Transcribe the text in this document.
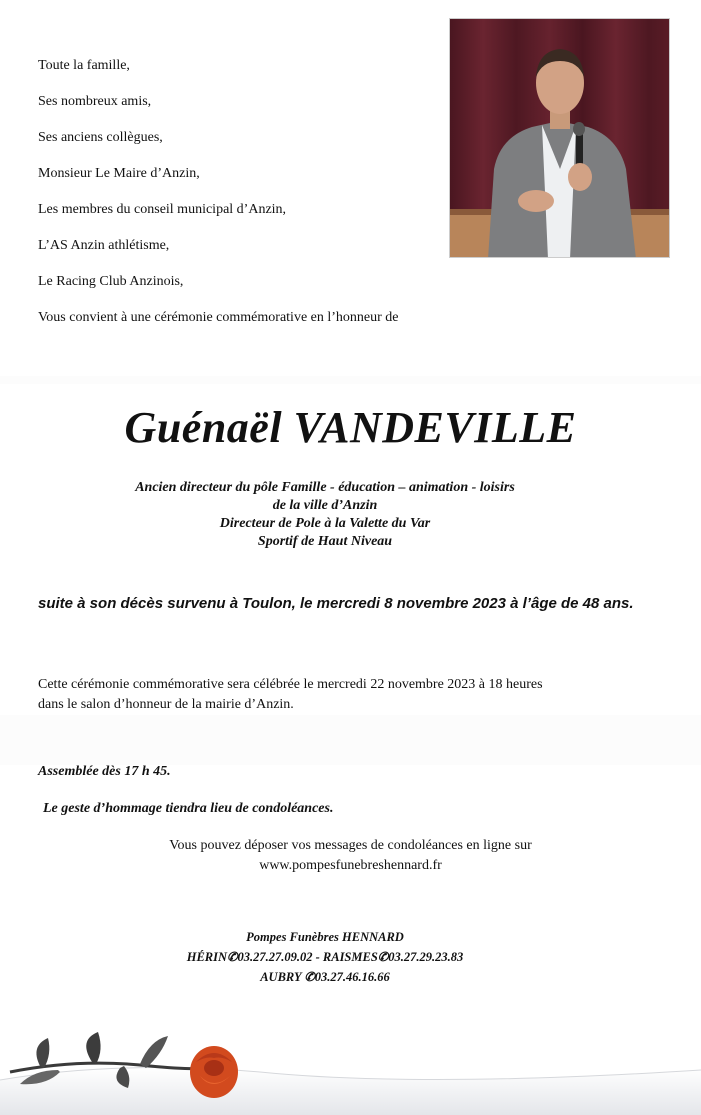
Toute la famille,
Ses nombreux amis,
Ses anciens collègues,
Monsieur Le Maire d’Anzin,
Les membres du conseil municipal d’Anzin,
L’AS Anzin athlétisme,
Le Racing Club Anzinois,
Vous convient à une cérémonie commémorative en l’honneur de
Guénaël VANDEVILLE
Ancien directeur du pôle Famille - éducation – animation - loisirs
de la ville d’Anzin
Directeur de Pole à la Valette du Var
Sportif de Haut Niveau
suite à son décès survenu à Toulon, le mercredi 8 novembre 2023 à l’âge de 48 ans.
Cette cérémonie commémorative sera célébrée le mercredi 22 novembre 2023 à 18 heures
dans le salon d’honneur de la mairie d’Anzin.
Assemblée dès 17 h 45.
Le geste d’hommage tiendra lieu de condoléances.
Vous pouvez déposer vos messages de condoléances en ligne sur
www.pompesfunebreshennard.fr
Pompes Funèbres HENNARD
HÉRIN✆03.27.27.09.02 - RAISMES✆03.27.29.23.83
AUBRY ✆03.27.46.16.66
